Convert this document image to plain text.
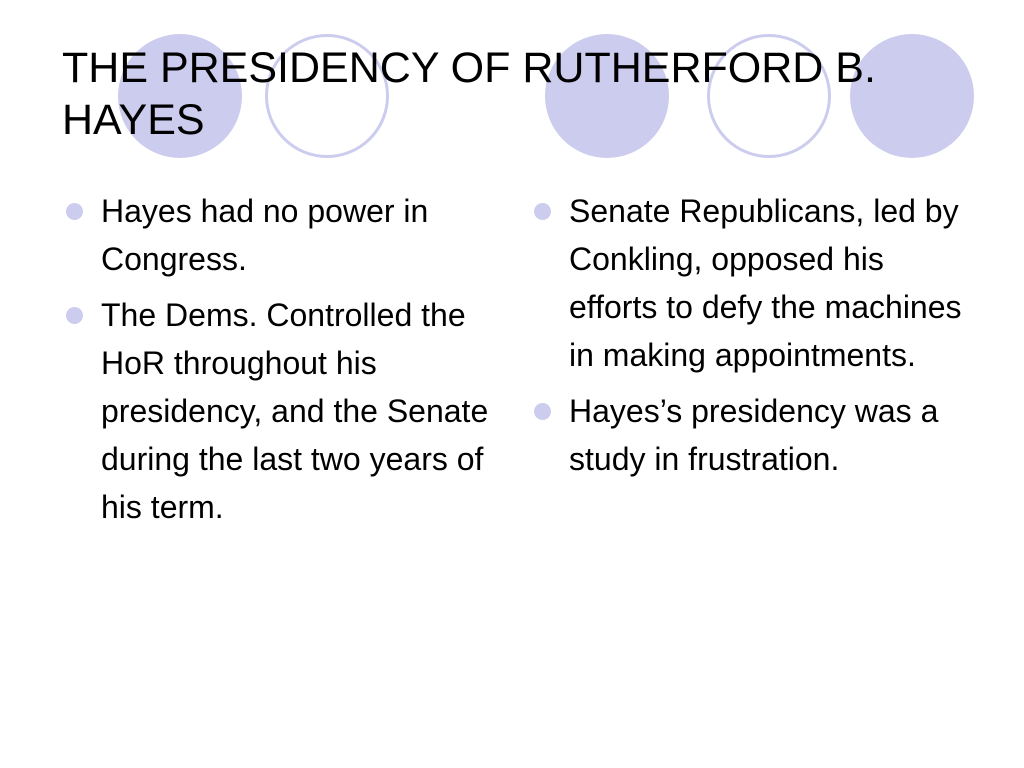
THE PRESIDENCY OF RUTHERFORD B. HAYES
Hayes had no power in Congress.
The Dems. Controlled the HoR throughout his presidency, and the Senate during the last two years of his term.
Senate Republicans, led by Conkling, opposed his efforts to defy the machines in making appointments.
Hayes’s presidency was a study in frustration.
